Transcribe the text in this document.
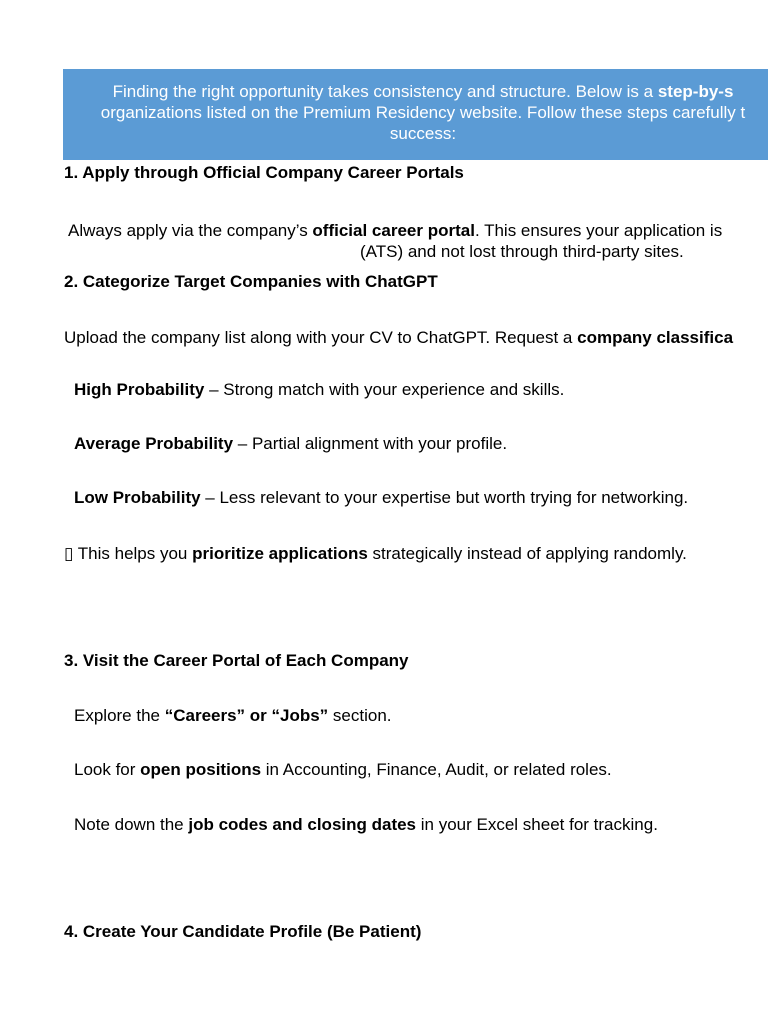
Finding the right opportunity takes consistency and structure. Below is a step-by-s
organizations listed on the Premium Residency website. Follow these steps carefully t
success:
1. Apply through Official Company Career Portals
Always apply via the company’s official career portal. This ensures your application is
(ATS) and not lost through third-party sites.
2. Categorize Target Companies with ChatGPT
Upload the company list along with your CV to ChatGPT. Request a company classifica
High Probability – Strong match with your experience and skills.
Average Probability – Partial alignment with your profile.
Low Probability – Less relevant to your expertise but worth trying for networking.
▯ This helps you prioritize applications strategically instead of applying randomly.
3. Visit the Career Portal of Each Company
Explore the “Careers” or “Jobs” section.
Look for open positions in Accounting, Finance, Audit, or related roles.
Note down the job codes and closing dates in your Excel sheet for tracking.
4. Create Your Candidate Profile (Be Patient)
